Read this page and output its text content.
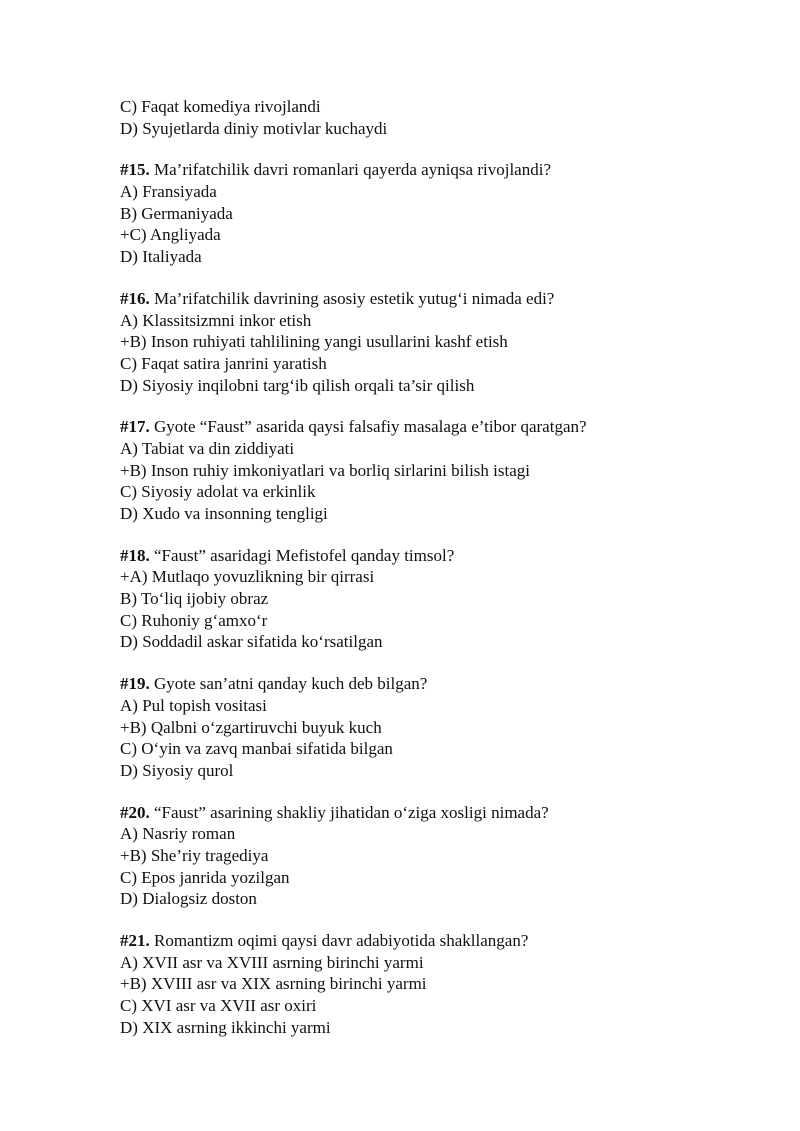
C) Faqat komediya rivojlandi
D) Syujetlarda diniy motivlar kuchaydi
#15. Ma’rifatchilik davri romanlari qayerda ayniqsa rivojlandi?
A) Fransiyada
B) Germaniyada
+C) Angliyada
D) Italiyada
#16. Ma’rifatchilik davrining asosiy estetik yutug‘i nimada edi?
A) Klassitsizmni inkor etish
+B) Inson ruhiyati tahlilining yangi usullarini kashf etish
C) Faqat satira janrini yaratish
D) Siyosiy inqilobni targ‘ib qilish orqali ta’sir qilish
#17. Gyote “Faust” asarida qaysi falsafiy masalaga e’tibor qaratgan?
A) Tabiat va din ziddiyati
+B) Inson ruhiy imkoniyatlari va borliq sirlarini bilish istagi
C) Siyosiy adolat va erkinlik
D) Xudo va insonning tengligi
#18. “Faust” asaridagi Mefistofel qanday timsol?
+A) Mutlaqo yovuzlikning bir qirrasi
B) To‘liq ijobiy obraz
C) Ruhoniy g‘amxo‘r
D) Soddadil askar sifatida ko‘rsatilgan
#19. Gyote san’atni qanday kuch deb bilgan?
A) Pul topish vositasi
+B) Qalbni o‘zgartiruvchi buyuk kuch
C) O‘yin va zavq manbai sifatida bilgan
D) Siyosiy qurol
#20. “Faust” asarining shakliy jihatidan o‘ziga xosligi nimada?
A) Nasriy roman
+B) She’riy tragediya
C) Epos janrida yozilgan
D) Dialogsiz doston
#21. Romantizm oqimi qaysi davr adabiyotida shakllangan?
A) XVII asr va XVIII asrning birinchi yarmi
+B) XVIII asr va XIX asrning birinchi yarmi
C) XVI asr va XVII asr oxiri
D) XIX asrning ikkinchi yarmi
